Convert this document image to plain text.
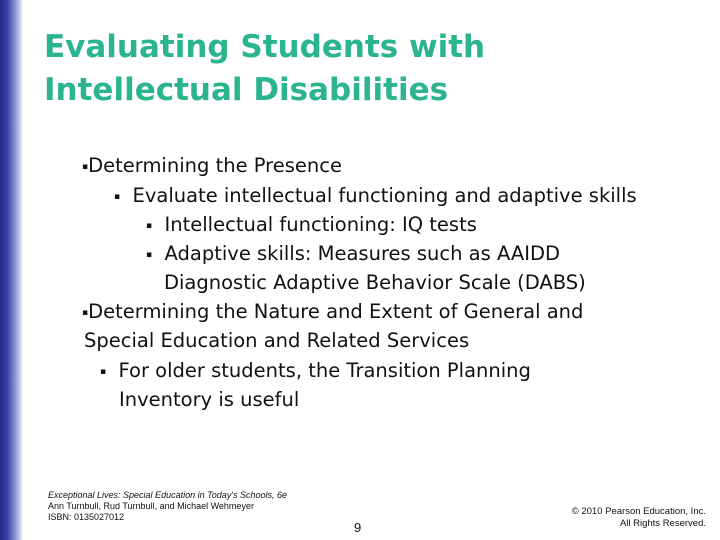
Evaluating Students with
Intellectual Disabilities
▪Determining the Presence
▪ Evaluate intellectual functioning and adaptive skills
▪ Intellectual functioning: IQ tests
▪ Adaptive skills: Measures such as AAIDD
Diagnostic Adaptive Behavior Scale (DABS)
▪Determining the Nature and Extent of General and
Special Education and Related Services
▪ For older students, the Transition Planning
Inventory is useful
Exceptional Lives: Special Education in Today's Schools, 6e
Ann Turnbull, Rud Turnbull, and Michael Wehmeyer
ISBN: 0135027012
9
© 2010 Pearson Education, Inc.
All Rights Reserved.
